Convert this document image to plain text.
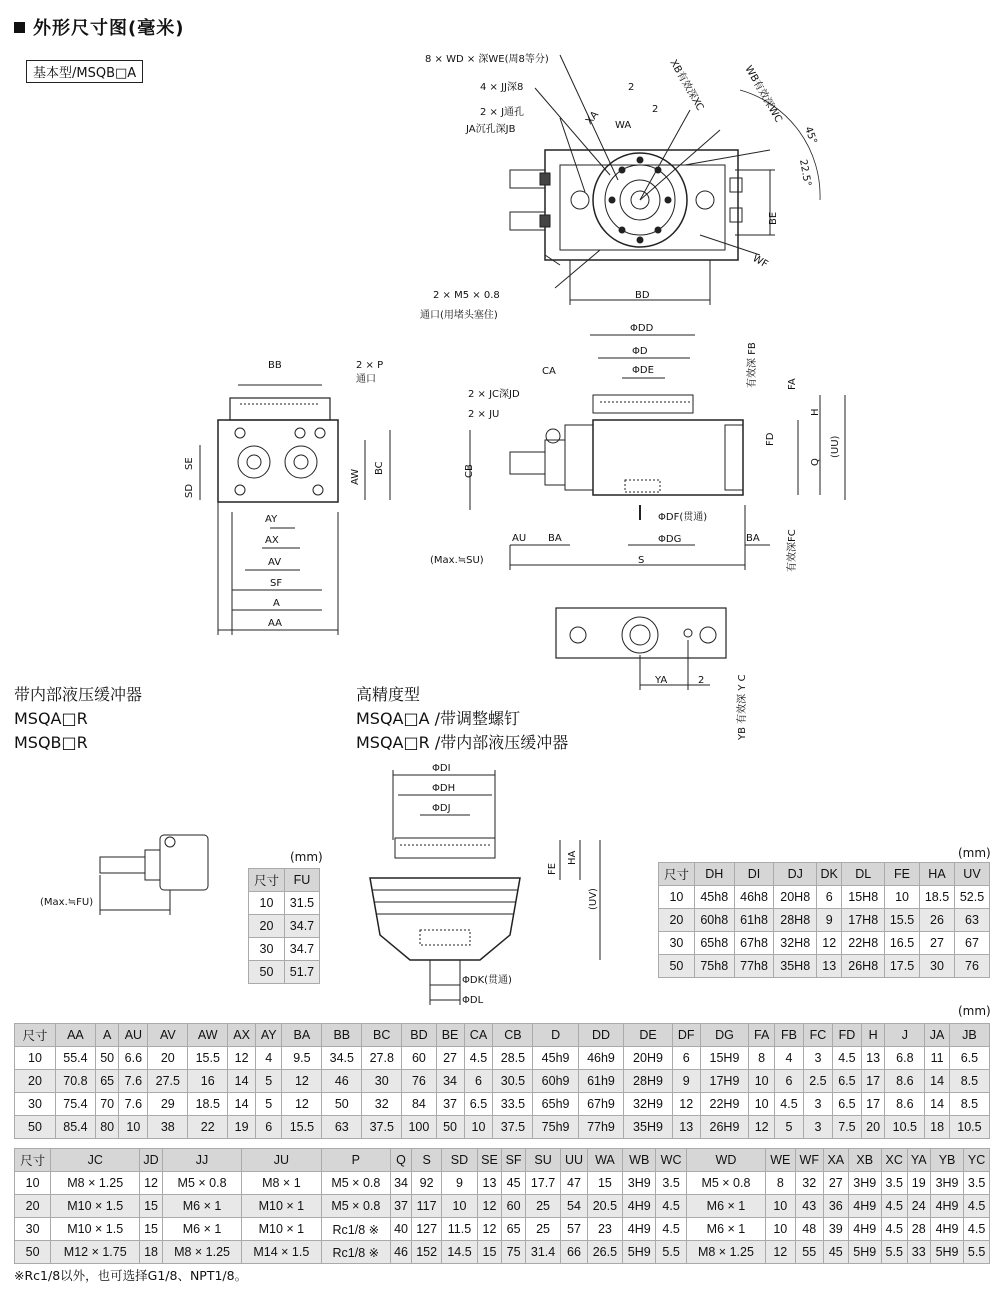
外形尺寸图(毫米)
基本型/MSQB□A
8 × WD × 深WE(周8等分)
4 × JJ深8
2 × J通孔
JA沉孔深JB
XB有效深XC	WB有效深WC
45°
22.5°
XA WA
2
2
BE
WF
2 × M5 × 0.8
通口(用堵头塞住)
BD
BB	2 × P
通口
SD
SE	BC
AW
AY
AX
AV
SF
A
AA
ΦDD
ΦD
ΦDE
CA
2 × JC深JD
2 × JU
CB
有效深 FB	FA
H
FD
Q
(UU)
ΦDF(贯通)
ΦDG
AU BA	BA
S
(Max.≒SU)	有效深FC
YA	2	YB 有效深 Y C
(Max.≒FU)
ΦDI
ΦDH
ΦDJ
FE
HA
(UV)
ΦDK(贯通)
ΦDL
带内部液压缓冲器
MSQA□R
MSQB□R
高精度型
MSQA□A /带调整螺钉
MSQA□R /带内部液压缓冲器
(mm)
尺寸	FU
10	31.5
20	34.7
30	34.7
50	51.7
(mm)
尺寸	DH	DI	DJ	DK	DL	FE	HA	UV
10	45h8	46h8	20H8	6	15H8	10	18.5	52.5
20	60h8	61h8	28H8	9	17H8	15.5	26	63
30	65h8	67h8	32H8	12	22H8	16.5	27	67
50	75h8	77h8	35H8	13	26H8	17.5	30	76
(mm)
尺寸	AA	A	AU	AV	AW	AX	AY	BA	BB	BC	BD	BE	CA	CB	D	DD	DE	DF	DG	FA	FB	FC	FD	H	J	JA	JB
10	55.4	50	6.6	20	15.5	12	4	9.5	34.5	27.8	60	27	4.5	28.5	45h9	46h9	20H9	6	15H9	8	4	3	4.5	13	6.8	11	6.5
20	70.8	65	7.6	27.5	16	14	5	12	46	30	76	34	6	30.5	60h9	61h9	28H9	9	17H9	10	6	2.5	6.5	17	8.6	14	8.5
30	75.4	70	7.6	29	18.5	14	5	12	50	32	84	37	6.5	33.5	65h9	67h9	32H9	12	22H9	10	4.5	3	6.5	17	8.6	14	8.5
50	85.4	80	10	38	22	19	6	15.5	63	37.5	100	50	10	37.5	75h9	77h9	35H9	13	26H9	12	5	3	7.5	20	10.5	18	10.5
尺寸	JC	JD	JJ	JU	P	Q	S	SD	SE	SF	SU	UU	WA	WB	WC	WD	WE	WF	XA	XB	XC	YA	YB	YC
10	M8 × 1.25	12	M5 × 0.8	M8 × 1	M5 × 0.8	34	92	9	13	45	17.7	47	15	3H9	3.5	M5 × 0.8	8	32	27	3H9	3.5	19	3H9	3.5
20	M10 × 1.5	15	M6 × 1	M10 × 1	M5 × 0.8	37	117	10	12	60	25	54	20.5	4H9	4.5	M6 × 1	10	43	36	4H9	4.5	24	4H9	4.5
30	M10 × 1.5	15	M6 × 1	M10 × 1	Rc1/8 ※	40	127	11.5	12	65	25	57	23	4H9	4.5	M6 × 1	10	48	39	4H9	4.5	28	4H9	4.5
50	M12 × 1.75	18	M8 × 1.25	M14 × 1.5	Rc1/8 ※	46	152	14.5	15	75	31.4	66	26.5	5H9	5.5	M8 × 1.25	12	55	45	5H9	5.5	33	5H9	5.5
※Rc1/8以外，也可选择G1/8、NPT1/8。
